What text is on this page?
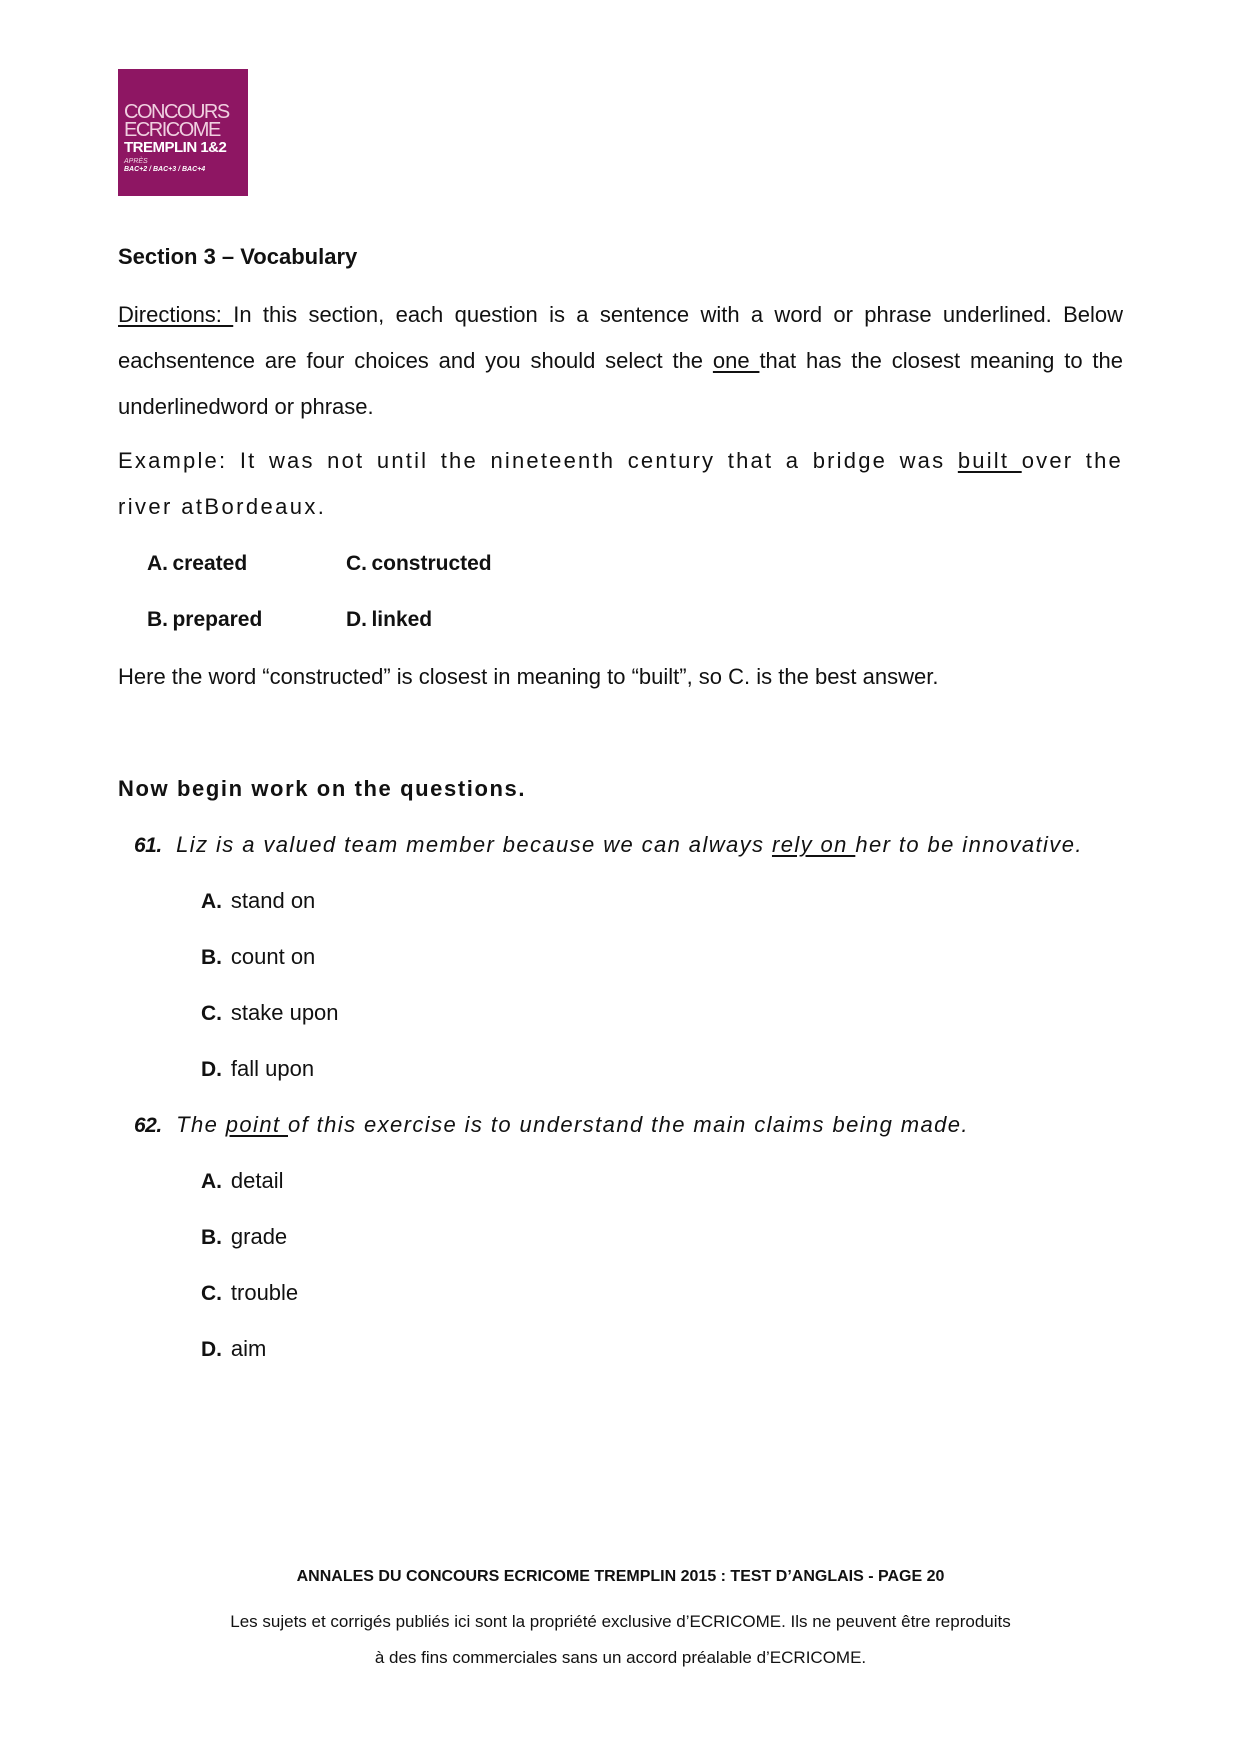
CONCOURS
ECRICOME
TREMPLIN 1&2
APRÈS
BAC+2 / BAC+3 / BAC+4
Section 3 – Vocabulary
Directions: In this section, each question is a sentence with a word or phrase underlined. Below
eachsentence are four choices and you should select the one that has the closest meaning to the
underlinedword or phrase.
Example: It was not until the nineteenth century that a bridge was built over the
river atBordeaux.
A. created	C. constructed
B. prepared	D. linked
Here the word “constructed” is closest in meaning to “built”, so C. is the best answer.
Now begin work on the questions.
61. Liz is a valued team member because we can always rely on her to be innovative.
A. stand on
B. count on
C. stake upon
D. fall upon
62. The point of this exercise is to understand the main claims being made.
A. detail
B. grade
C. trouble
D. aim
ANNALES DU CONCOURS ECRICOME TREMPLIN 2015 : TEST D’ANGLAIS - PAGE 20
Les sujets et corrigés publiés ici sont la propriété exclusive d’ECRICOME. Ils ne peuvent être reproduits
à des fins commerciales sans un accord préalable d’ECRICOME.
